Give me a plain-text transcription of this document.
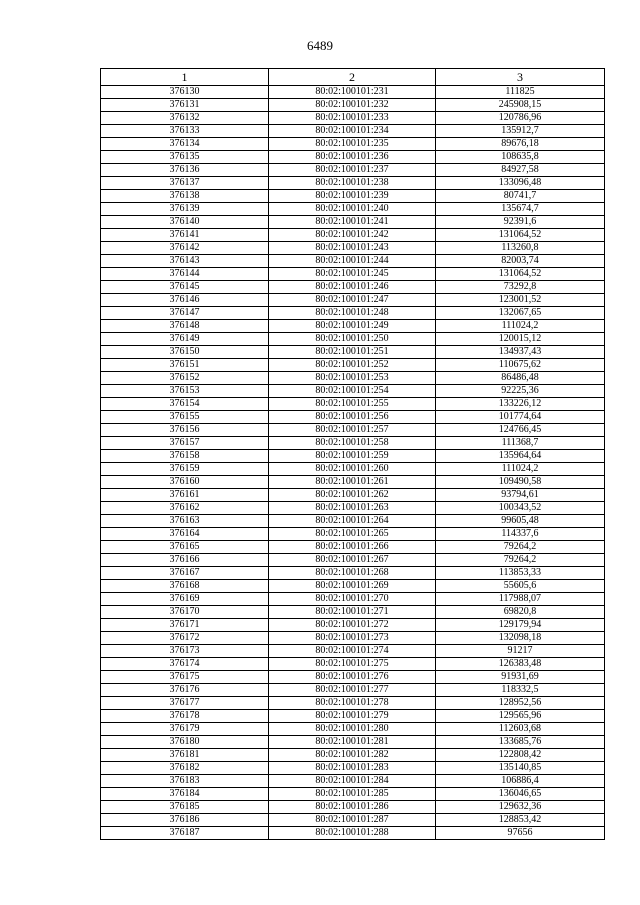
6489
1	2	3
376130	80:02:100101:231	111825
376131	80:02:100101:232	245908,15
376132	80:02:100101:233	120786,96
376133	80:02:100101:234	135912,7
376134	80:02:100101:235	89676,18
376135	80:02:100101:236	108635,8
376136	80:02:100101:237	84927,58
376137	80:02:100101:238	133096,48
376138	80:02:100101:239	80741,7
376139	80:02:100101:240	135674,7
376140	80:02:100101:241	92391,6
376141	80:02:100101:242	131064,52
376142	80:02:100101:243	113260,8
376143	80:02:100101:244	82003,74
376144	80:02:100101:245	131064,52
376145	80:02:100101:246	73292,8
376146	80:02:100101:247	123001,52
376147	80:02:100101:248	132067,65
376148	80:02:100101:249	111024,2
376149	80:02:100101:250	120015,12
376150	80:02:100101:251	134937,43
376151	80:02:100101:252	110675,62
376152	80:02:100101:253	86486,48
376153	80:02:100101:254	92225,36
376154	80:02:100101:255	133226,12
376155	80:02:100101:256	101774,64
376156	80:02:100101:257	124766,45
376157	80:02:100101:258	111368,7
376158	80:02:100101:259	135964,64
376159	80:02:100101:260	111024,2
376160	80:02:100101:261	109490,58
376161	80:02:100101:262	93794,61
376162	80:02:100101:263	100343,52
376163	80:02:100101:264	99605,48
376164	80:02:100101:265	114337,6
376165	80:02:100101:266	79264,2
376166	80:02:100101:267	79264,2
376167	80:02:100101:268	113853,33
376168	80:02:100101:269	55605,6
376169	80:02:100101:270	117988,07
376170	80:02:100101:271	69820,8
376171	80:02:100101:272	129179,94
376172	80:02:100101:273	132098,18
376173	80:02:100101:274	91217
376174	80:02:100101:275	126383,48
376175	80:02:100101:276	91931,69
376176	80:02:100101:277	118332,5
376177	80:02:100101:278	128952,56
376178	80:02:100101:279	129565,96
376179	80:02:100101:280	112603,68
376180	80:02:100101:281	133685,76
376181	80:02:100101:282	122808,42
376182	80:02:100101:283	135140,85
376183	80:02:100101:284	106886,4
376184	80:02:100101:285	136046,65
376185	80:02:100101:286	129632,36
376186	80:02:100101:287	128853,42
376187	80:02:100101:288	97656
